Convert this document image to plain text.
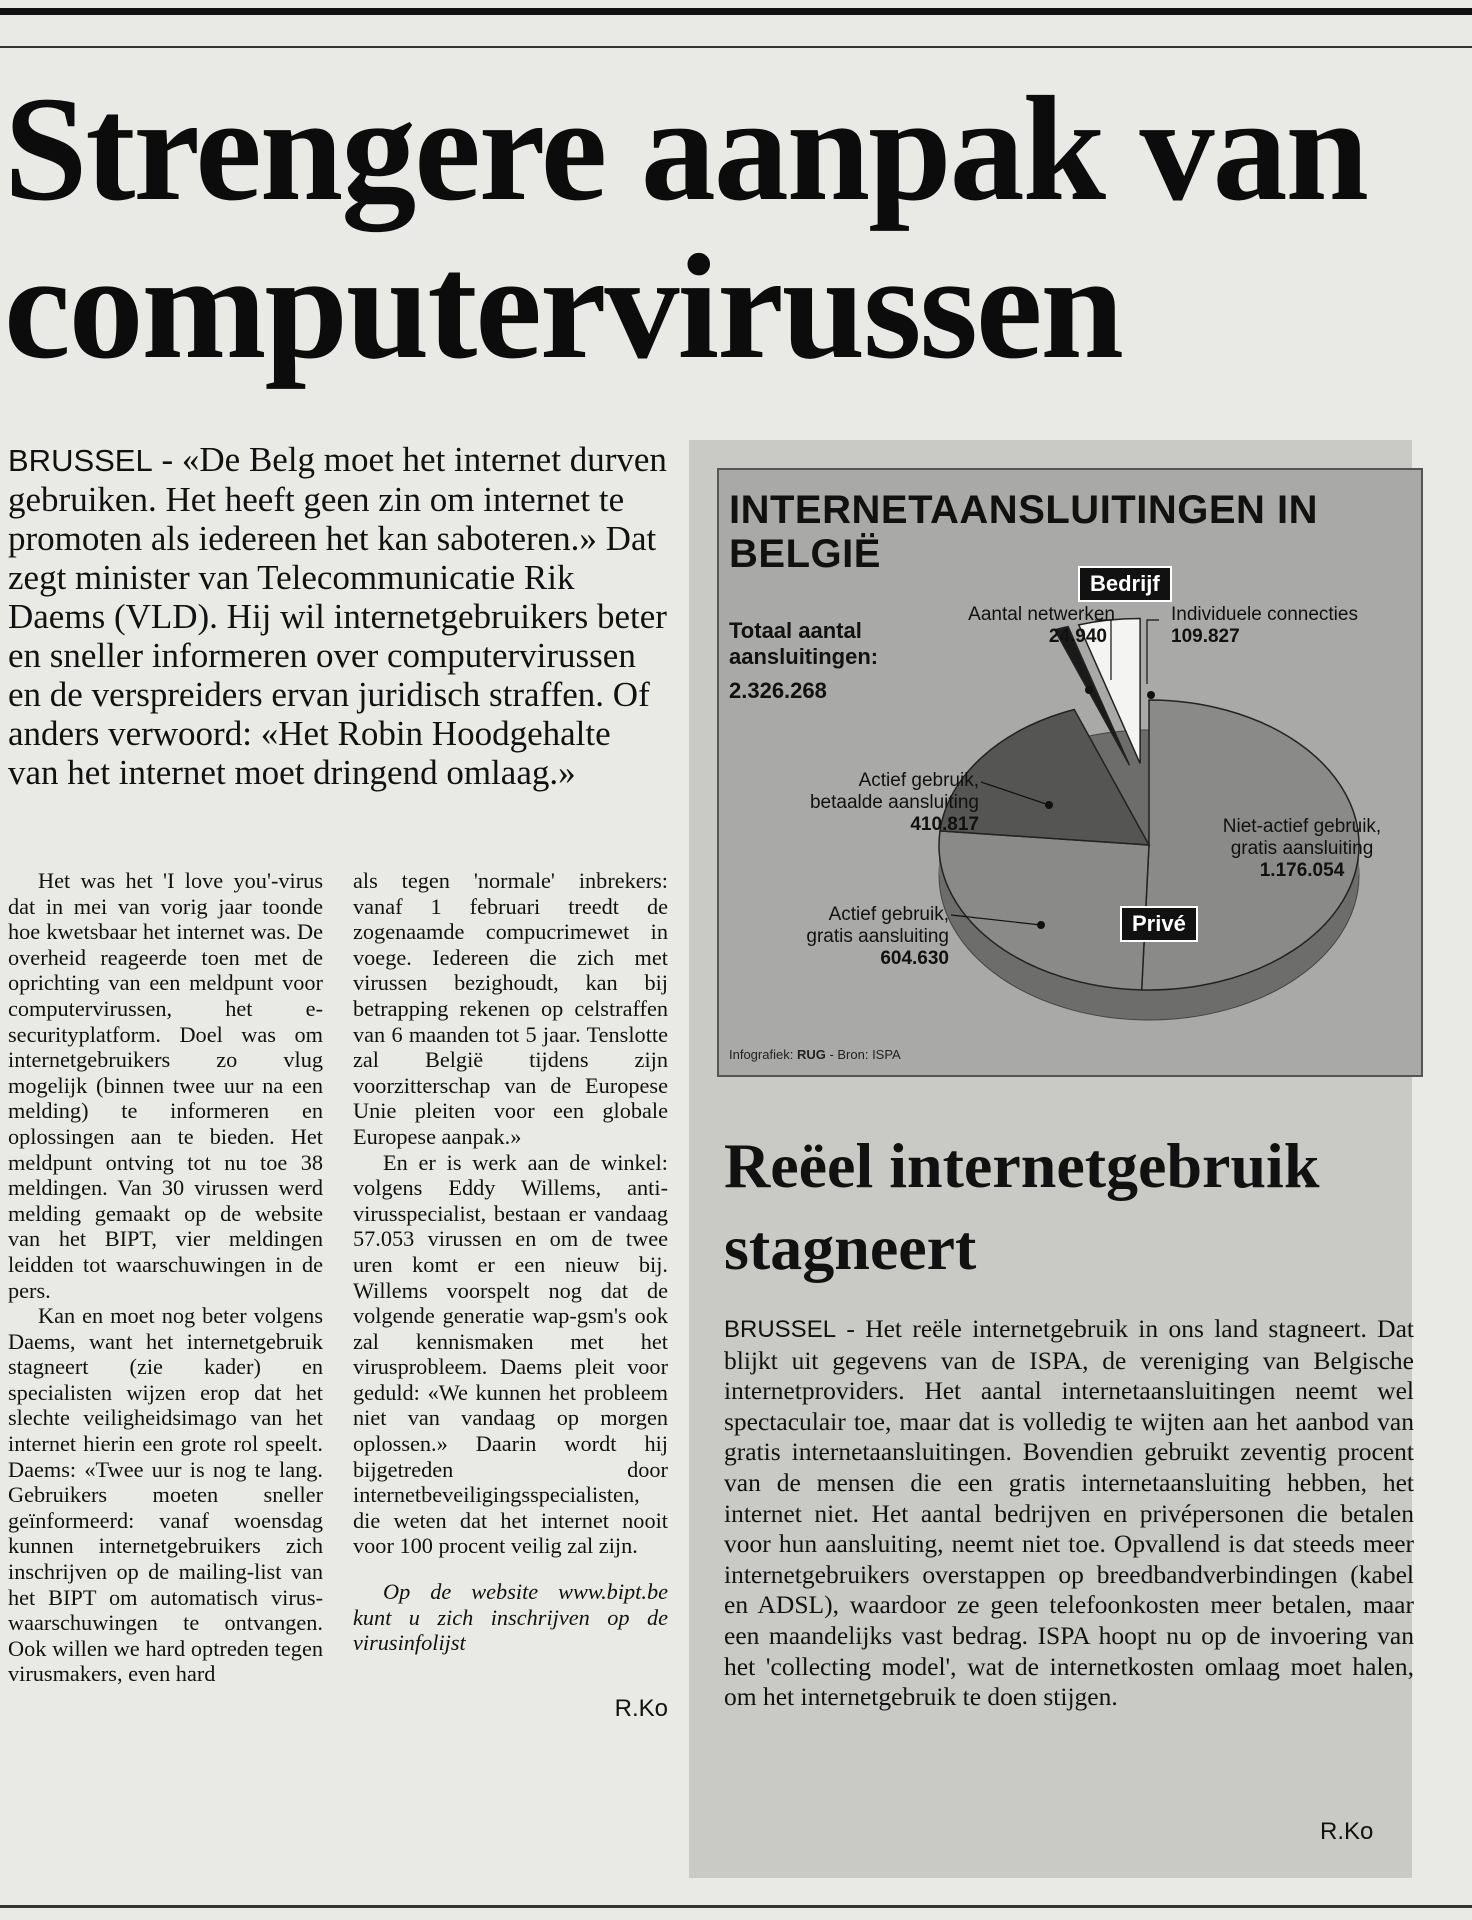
Strengere aanpak van computervirussen

BRUSSEL - «De Belg moet het internet durven gebruiken. Het heeft geen zin om internet te promoten als iedereen het kan saboteren.» Dat zegt minister van Telecommunicatie Rik Daems (VLD). Hij wil internetgebruikers beter en sneller informeren over computervirussen en de verspreiders ervan juridisch straffen. Of anders verwoord: «Het Robin Hoodgehalte van het internet moet dringend omlaag.»

Het was het 'I love you'-virus dat in mei van vorig jaar toonde hoe kwetsbaar het internet was. De overheid reageerde toen met de oprichting van een meldpunt voor computervirussen, het e-securityplatform. Doel was om internetgebruikers zo vlug mogelijk (binnen twee uur na een melding) te informeren en oplossingen aan te bieden. Het meldpunt ontving tot nu toe 38 meldingen. Van 30 virussen werd melding gemaakt op de website van het BIPT, vier meldingen leidden tot waarschuwingen in de pers.

Kan en moet nog beter volgens Daems, want het internetgebruik stagneert (zie kader) en specialisten wijzen erop dat het slechte veiligheidsimago van het internet hierin een grote rol speelt. Daems: «Twee uur is nog te lang. Gebruikers moeten sneller geïnformeerd: vanaf woensdag kunnen internetgebruikers zich inschrijven op de mailing-list van het BIPT om automatisch virus-waarschuwingen te ontvangen. Ook willen we hard optreden tegen virusmakers, even hard

als tegen 'normale' inbrekers: vanaf 1 februari treedt de zogenaamde compucrimewet in voege. Iedereen die zich met virussen bezighoudt, kan bij betrapping rekenen op celstraffen van 6 maanden tot 5 jaar. Tenslotte zal België tijdens zijn voorzitterschap van de Europese Unie pleiten voor een globale Europese aanpak.»

En er is werk aan de winkel: volgens Eddy Willems, anti-virusspecialist, bestaan er vandaag 57.053 virussen en om de twee uren komt er een nieuw bij. Willems voorspelt nog dat de volgende generatie wap-gsm's ook zal kennismaken met het virusprobleem. Daems pleit voor geduld: «We kunnen het probleem niet van vandaag op morgen oplossen.» Daarin wordt hij bijgetreden door internetbeveiligingsspecialisten, die weten dat het internet nooit voor 100 procent veilig zal zijn.

Op de website www.bipt.be kunt u zich inschrijven op de virusinfolijst

R.Ko

INTERNETAANSLUITINGEN IN BELGIË
Totaal aantal aansluitingen:
2.326.268
Bedrijf
Privé
Aantal netwerken
24.940
Individuele connecties
109.827
Actief gebruik,
betaalde aansluiting
410.817	Niet-actief gebruik,
gratis aansluiting
1.176.054
Actief gebruik,
gratis aansluiting
604.630
Infografiek: RUG - Bron: ISPA
Reëel internetgebruik stagneert

BRUSSEL - Het reële internetgebruik in ons land stagneert. Dat blijkt uit gegevens van de ISPA, de vereniging van Belgische internetproviders. Het aantal internetaansluitingen neemt wel spectaculair toe, maar dat is volledig te wijten aan het aanbod van gratis internetaansluitingen. Bovendien gebruikt zeventig procent van de mensen die een gratis internetaansluiting hebben, het internet niet. Het aantal bedrijven en privépersonen die betalen voor hun aansluiting, neemt niet toe. Opvallend is dat steeds meer internetgebruikers overstappen op breedbandverbindingen (kabel en ADSL), waardoor ze geen telefoonkosten meer betalen, maar een maandelijks vast bedrag. ISPA hoopt nu op de invoering van het 'collecting model', wat de internetkosten omlaag moet halen, om het internetgebruik te doen stijgen.

R.Ko
